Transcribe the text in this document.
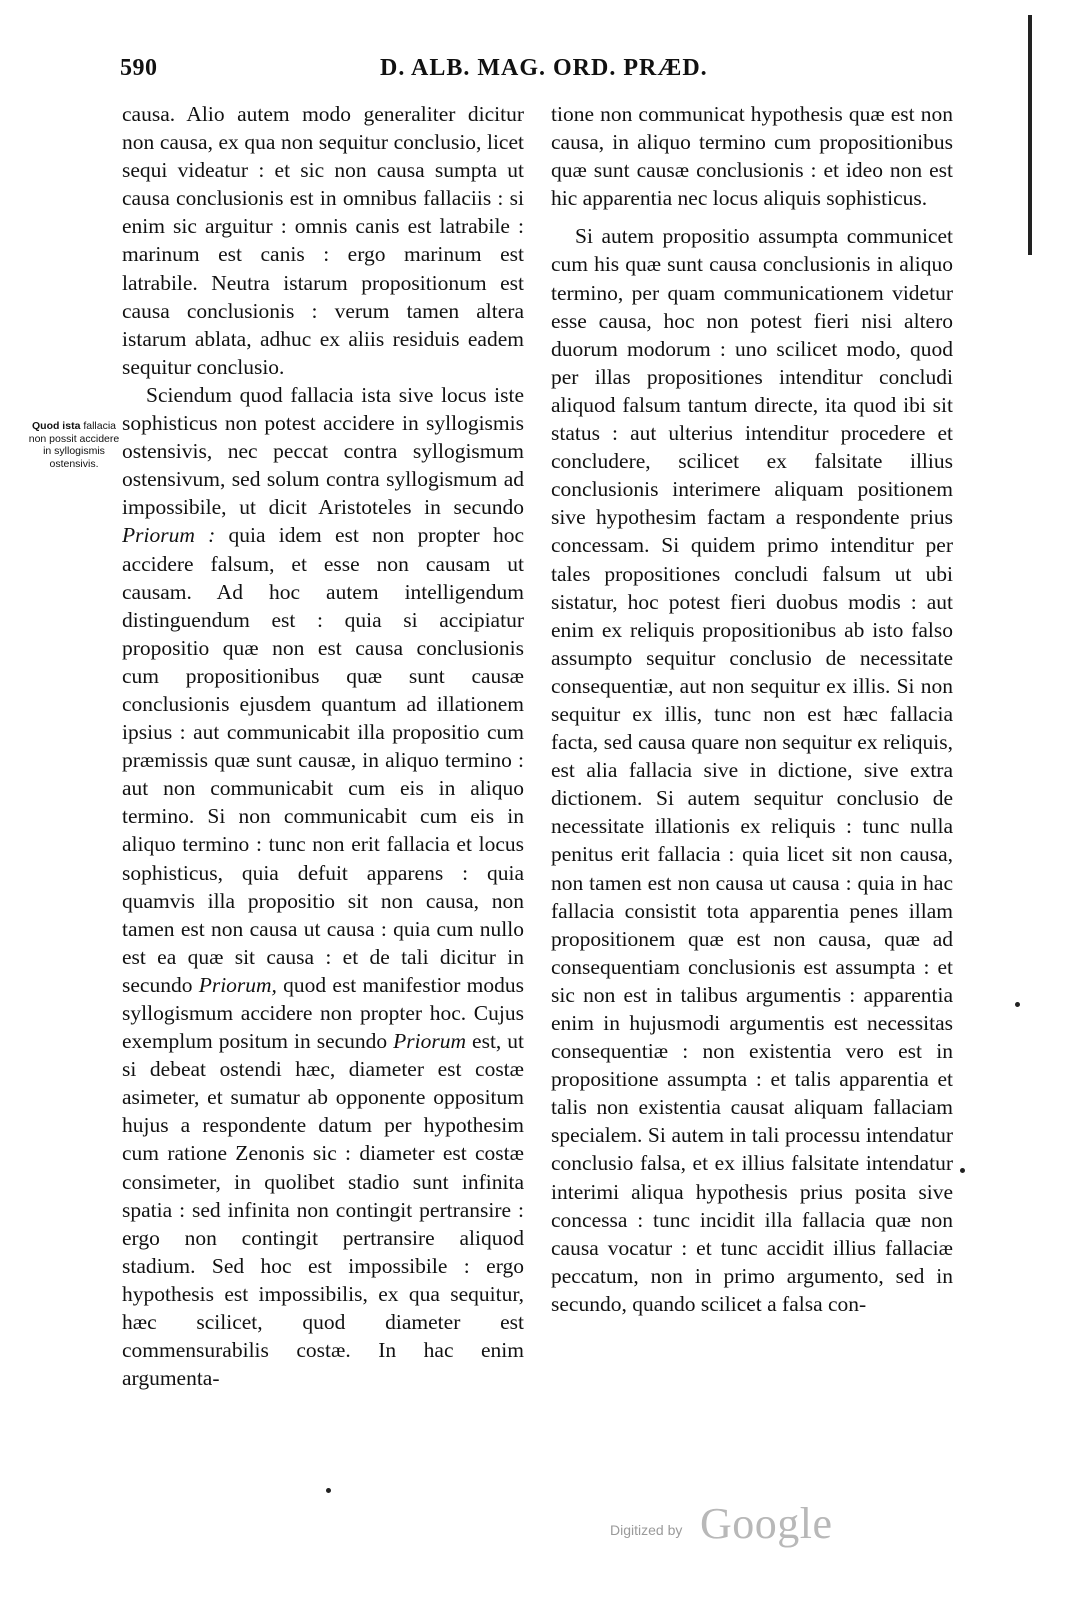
590	D. ALB. MAG. ORD. PRÆD.
Quod ista fallacia non possit accidere in syllogismis ostensivis.

causa. Alio autem modo generaliter dicitur non causa, ex qua non sequitur conclusio, licet sequi videatur : et sic non causa sumpta ut causa conclusionis est in omnibus fallaciis : si enim sic arguitur : omnis canis est latrabile : marinum est canis : ergo marinum est latrabile. Neutra istarum propositionum est causa conclusionis : verum tamen altera istarum ablata, adhuc ex aliis residuis eadem sequitur conclusio.

Sciendum quod fallacia ista sive locus iste sophisticus non potest accidere in syllogismis ostensivis, nec peccat contra syllogismum ostensivum, sed solum contra syllogismum ad impossibile, ut dicit Aristoteles in secundo Priorum : quia idem est non propter hoc accidere falsum, et esse non causam ut causam. Ad hoc autem intelligendum distinguendum est : quia si accipiatur propositio quæ non est causa conclusionis cum propositionibus quæ sunt causæ conclusionis ejusdem quantum ad illationem ipsius : aut communicabit illa propositio cum præmissis quæ sunt causæ, in aliquo termino : aut non communicabit cum eis in aliquo termino. Si non communicabit cum eis in aliquo termino : tunc non erit fallacia et locus sophisticus, quia defuit apparens : quia quamvis illa propositio sit non causa, non tamen est non causa ut causa : quia cum nullo est ea quæ sit causa : et de tali dicitur in secundo Priorum, quod est manifestior modus syllogismum accidere non propter hoc. Cujus exemplum positum in secundo Priorum est, ut si debeat ostendi hæc, diameter est costæ asimeter, et sumatur ab opponente oppositum hujus a respondente datum per hypothesim cum ratione Zenonis sic : diameter est costæ consimeter, in quolibet stadio sunt infinita spatia : sed infinita non contingit pertransire : ergo non contingit pertransire aliquod stadium. Sed hoc est impossibile : ergo hypothesis est impossibilis, ex qua sequitur, hæc scilicet, quod diameter est commensurabilis costæ. In hac enim argumenta-

tione non communicat hypothesis quæ est non causa, in aliquo termino cum propositionibus quæ sunt causæ conclusionis : et ideo non est hic apparentia nec locus aliquis sophisticus.

Si autem propositio assumpta communicet cum his quæ sunt causa conclusionis in aliquo termino, per quam communicationem videtur esse causa, hoc non potest fieri nisi altero duorum modorum : uno scilicet modo, quod per illas propositiones intenditur concludi aliquod falsum tantum directe, ita quod ibi sit status : aut ulterius intenditur procedere et concludere, scilicet ex falsitate illius conclusionis interimere aliquam positionem sive hypothesim factam a respondente prius concessam. Si quidem primo intenditur per tales propositiones concludi falsum ut ubi sistatur, hoc potest fieri duobus modis : aut enim ex reliquis propositionibus ab isto falso assumpto sequitur conclusio de necessitate consequentiæ, aut non sequitur ex illis. Si non sequitur ex illis, tunc non est hæc fallacia facta, sed causa quare non sequitur ex reliquis, est alia fallacia sive in dictione, sive extra dictionem. Si autem sequitur conclusio de necessitate illationis ex reliquis : tunc nulla penitus erit fallacia : quia licet sit non causa, non tamen est non causa ut causa : quia in hac fallacia consistit tota apparentia penes illam propositionem quæ est non causa, quæ ad consequentiam conclusionis est assumpta : et sic non est in talibus argumentis : apparentia enim in hujusmodi argumentis est necessitas consequentiæ : non existentia vero est in propositione assumpta : et talis apparentia et talis non existentia causat aliquam fallaciam specialem. Si autem in tali processu intendatur conclusio falsa, et ex illius falsitate intendatur interimi aliqua hypothesis prius posita sive concessa : tunc incidit illa fallacia quæ non causa vocatur : et tunc accidit illius fallaciæ peccatum, non in primo argumento, sed in secundo, quando scilicet a falsa con-

Digitized by Google
